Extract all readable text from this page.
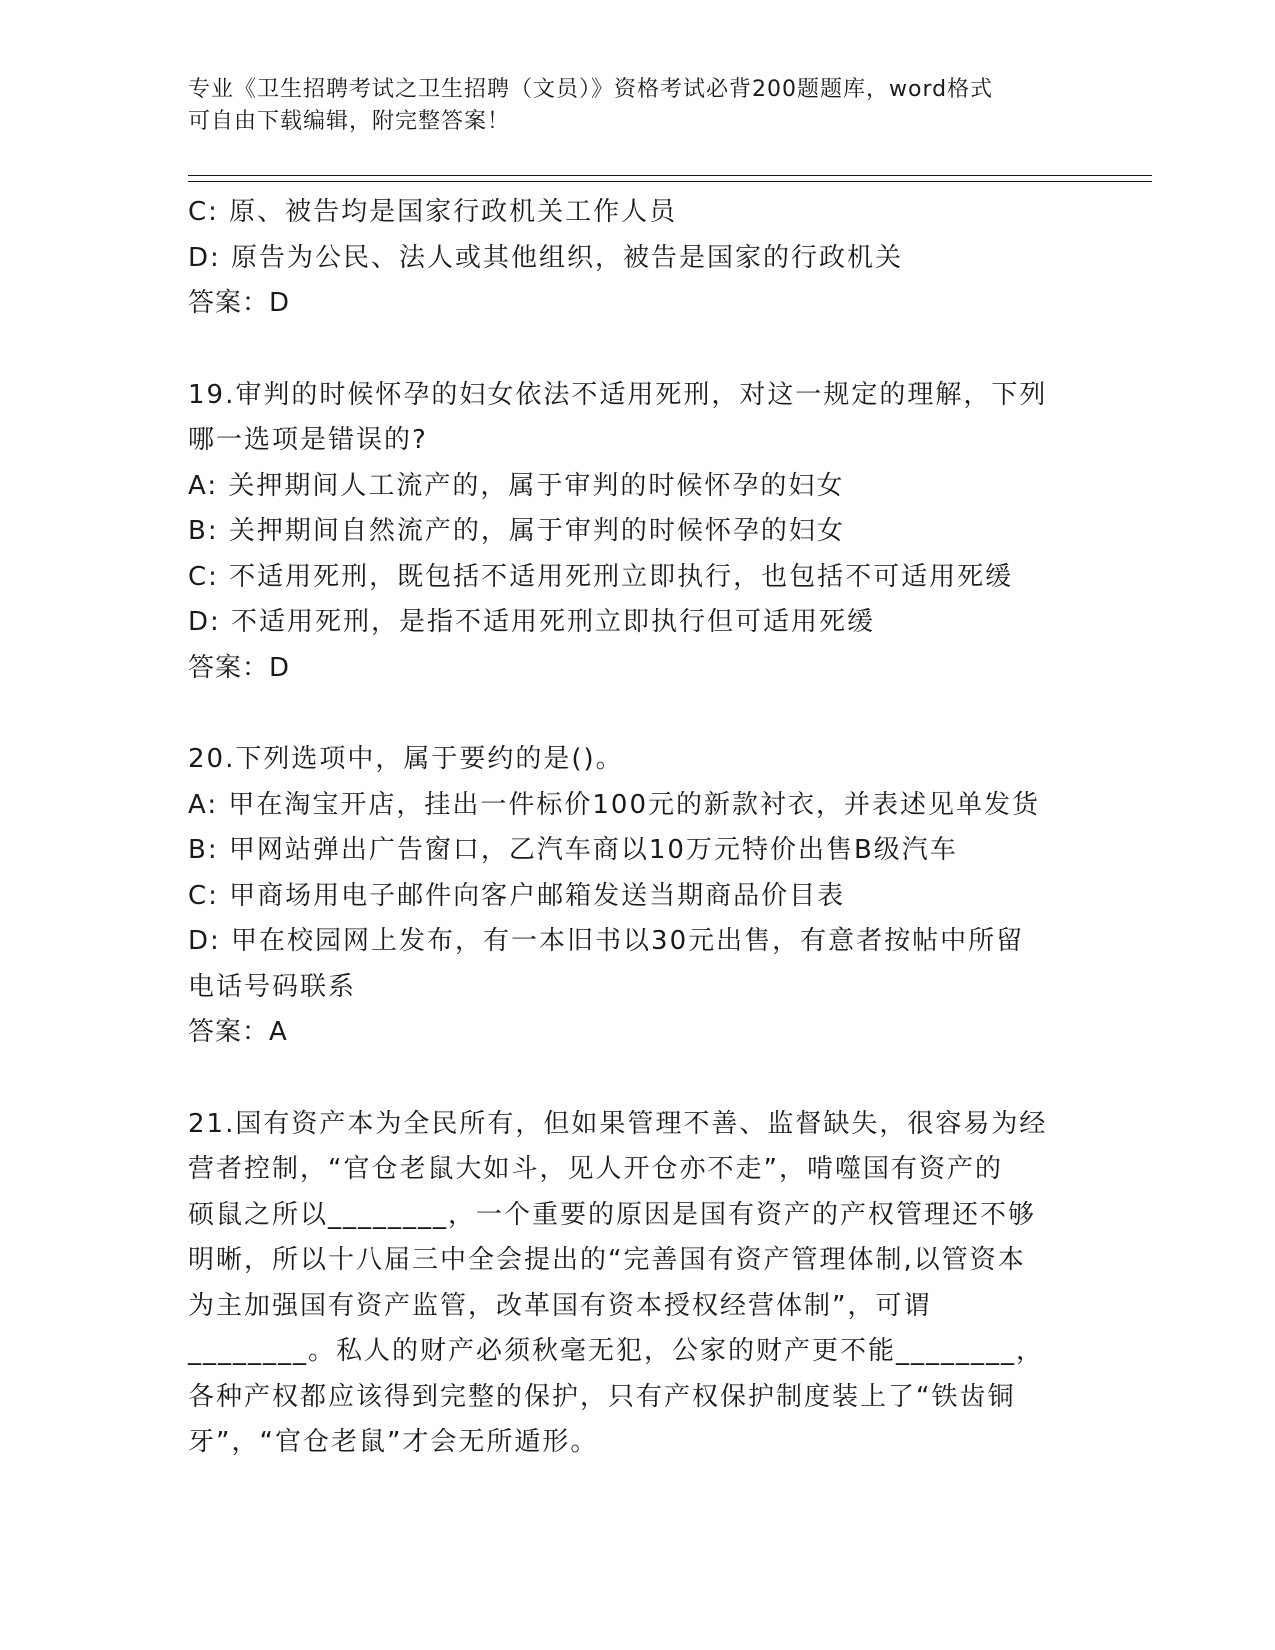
专业《卫生招聘考试之卫生招聘（文员）》资格考试必背200题题库，word格式
可自由下载编辑，附完整答案！
C: 原、被告均是国家行政机关工作人员
D: 原告为公民、法人或其他组织，被告是国家的行政机关
答案：D
19.审判的时候怀孕的妇女依法不适用死刑，对这一规定的理解，下列
哪一选项是错误的?
A: 关押期间人工流产的，属于审判的时候怀孕的妇女
B: 关押期间自然流产的，属于审判的时候怀孕的妇女
C: 不适用死刑，既包括不适用死刑立即执行，也包括不可适用死缓
D: 不适用死刑，是指不适用死刑立即执行但可适用死缓
答案：D
20.下列选项中，属于要约的是()。
A: 甲在淘宝开店，挂出一件标价100元的新款衬衣，并表述见单发货
B: 甲网站弹出广告窗口，乙汽车商以10万元特价出售B级汽车
C: 甲商场用电子邮件向客户邮箱发送当期商品价目表
D: 甲在校园网上发布，有一本旧书以30元出售，有意者按帖中所留
电话号码联系
答案：A
21.国有资产本为全民所有，但如果管理不善、监督缺失，很容易为经
营者控制，“官仓老鼠大如斗，见人开仓亦不走”，啃噬国有资产的
硕鼠之所以________，一个重要的原因是国有资产的产权管理还不够
明晰，所以十八届三中全会提出的“完善国有资产管理体制,以管资本
为主加强国有资产监管，改革国有资本授权经营体制”，可谓
________。私人的财产必须秋毫无犯，公家的财产更不能________，
各种产权都应该得到完整的保护，只有产权保护制度装上了“铁齿铜
牙”，“官仓老鼠”才会无所遁形。
